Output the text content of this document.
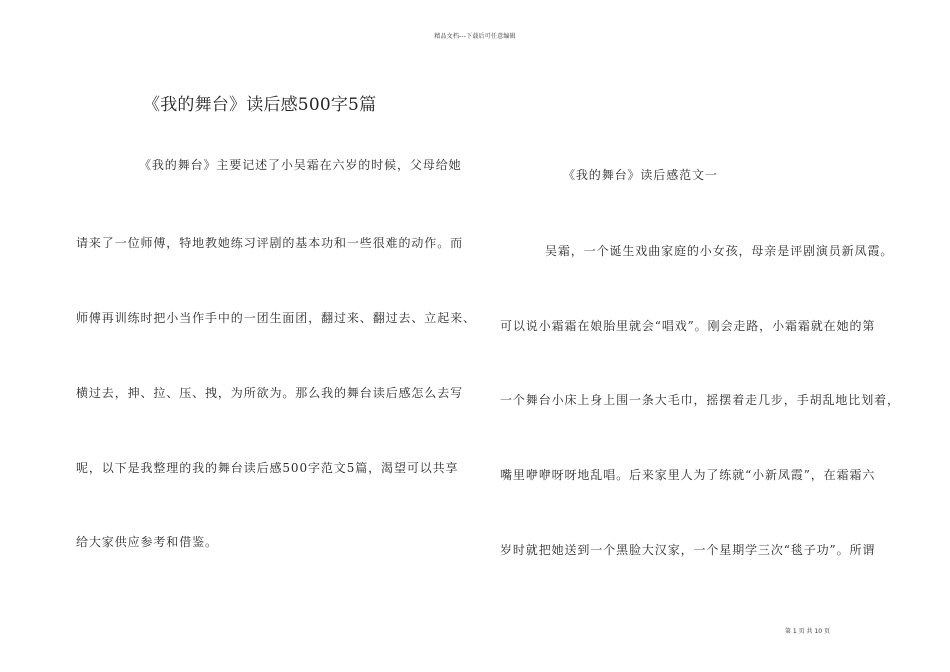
精品文档---下载后可任意编辑
《我的舞台》读后感500字5篇
《我的舞台》主要记述了小吴霜在六岁的时候，父母给她
请来了一位师傅，特地教她练习评剧的基本功和一些很难的动作。而
师傅再训练时把小当作手中的一团生面团，翻过来、翻过去、立起来、
横过去，抻、拉、压、拽，为所欲为。那么我的舞台读后感怎么去写
呢，以下是我整理的我的舞台读后感500字范文5篇，渴望可以共享
给大家供应参考和借鉴。
《我的舞台》读后感范文一
吴霜，一个诞生戏曲家庭的小女孩，母亲是评剧演员新凤霞。
可以说小霜霜在娘胎里就会“唱戏”。刚会走路，小霜霜就在她的第
一个舞台小床上身上围一条大毛巾，摇摆着走几步，手胡乱地比划着，
嘴里咿咿呀呀地乱唱。后来家里人为了练就“小新凤霞”，在霜霜六
岁时就把她送到一个黑脸大汉家，一个星期学三次“毯子功”。所谓
第 1 页 共 10 页
